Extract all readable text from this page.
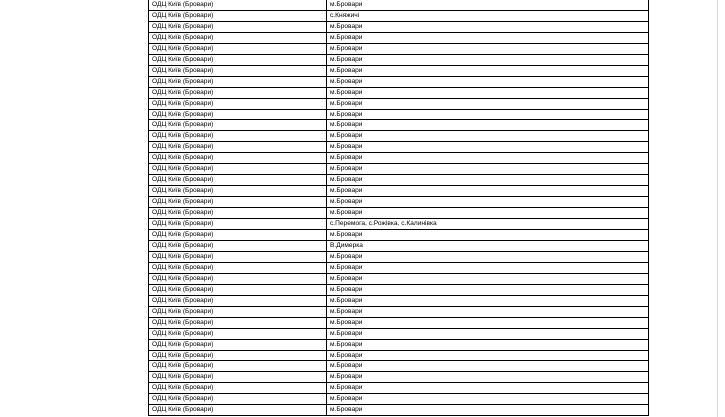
ОДЦ Київ (Бровари)	м.Бровари
ОДЦ Київ (Бровари)	с.Княжичі
ОДЦ Київ (Бровари)	м.Бровари
ОДЦ Київ (Бровари)	м.Бровари
ОДЦ Київ (Бровари)	м.Бровари
ОДЦ Київ (Бровари)	м.Бровари
ОДЦ Київ (Бровари)	м.Бровари
ОДЦ Київ (Бровари)	м.Бровари
ОДЦ Київ (Бровари)	м.Бровари
ОДЦ Київ (Бровари)	м.Бровари
ОДЦ Київ (Бровари)	м.Бровари
ОДЦ Київ (Бровари)	м.Бровари
ОДЦ Київ (Бровари)	м.Бровари
ОДЦ Київ (Бровари)	м.Бровари
ОДЦ Київ (Бровари)	м.Бровари
ОДЦ Київ (Бровари)	м.Бровари
ОДЦ Київ (Бровари)	м.Бровари
ОДЦ Київ (Бровари)	м.Бровари
ОДЦ Київ (Бровари)	м.Бровари
ОДЦ Київ (Бровари)	м.Бровари
ОДЦ Київ (Бровари)	с.Перемога, с.Рожівка, с.Калинівка
ОДЦ Київ (Бровари)	м.Бровари
ОДЦ Київ (Бровари)	В.Димерка
ОДЦ Київ (Бровари)	м.Бровари
ОДЦ Київ (Бровари)	м.Бровари
ОДЦ Київ (Бровари)	м.Бровари
ОДЦ Київ (Бровари)	м.Бровари
ОДЦ Київ (Бровари)	м.Бровари
ОДЦ Київ (Бровари)	м.Бровари
ОДЦ Київ (Бровари)	м.Бровари
ОДЦ Київ (Бровари)	м.Бровари
ОДЦ Київ (Бровари)	м.Бровари
ОДЦ Київ (Бровари)	м.Бровари
ОДЦ Київ (Бровари)	м.Бровари
ОДЦ Київ (Бровари)	м.Бровари
ОДЦ Київ (Бровари)	м.Бровари
ОДЦ Київ (Бровари)	м.Бровари
ОДЦ Київ (Бровари)	м.Бровари
